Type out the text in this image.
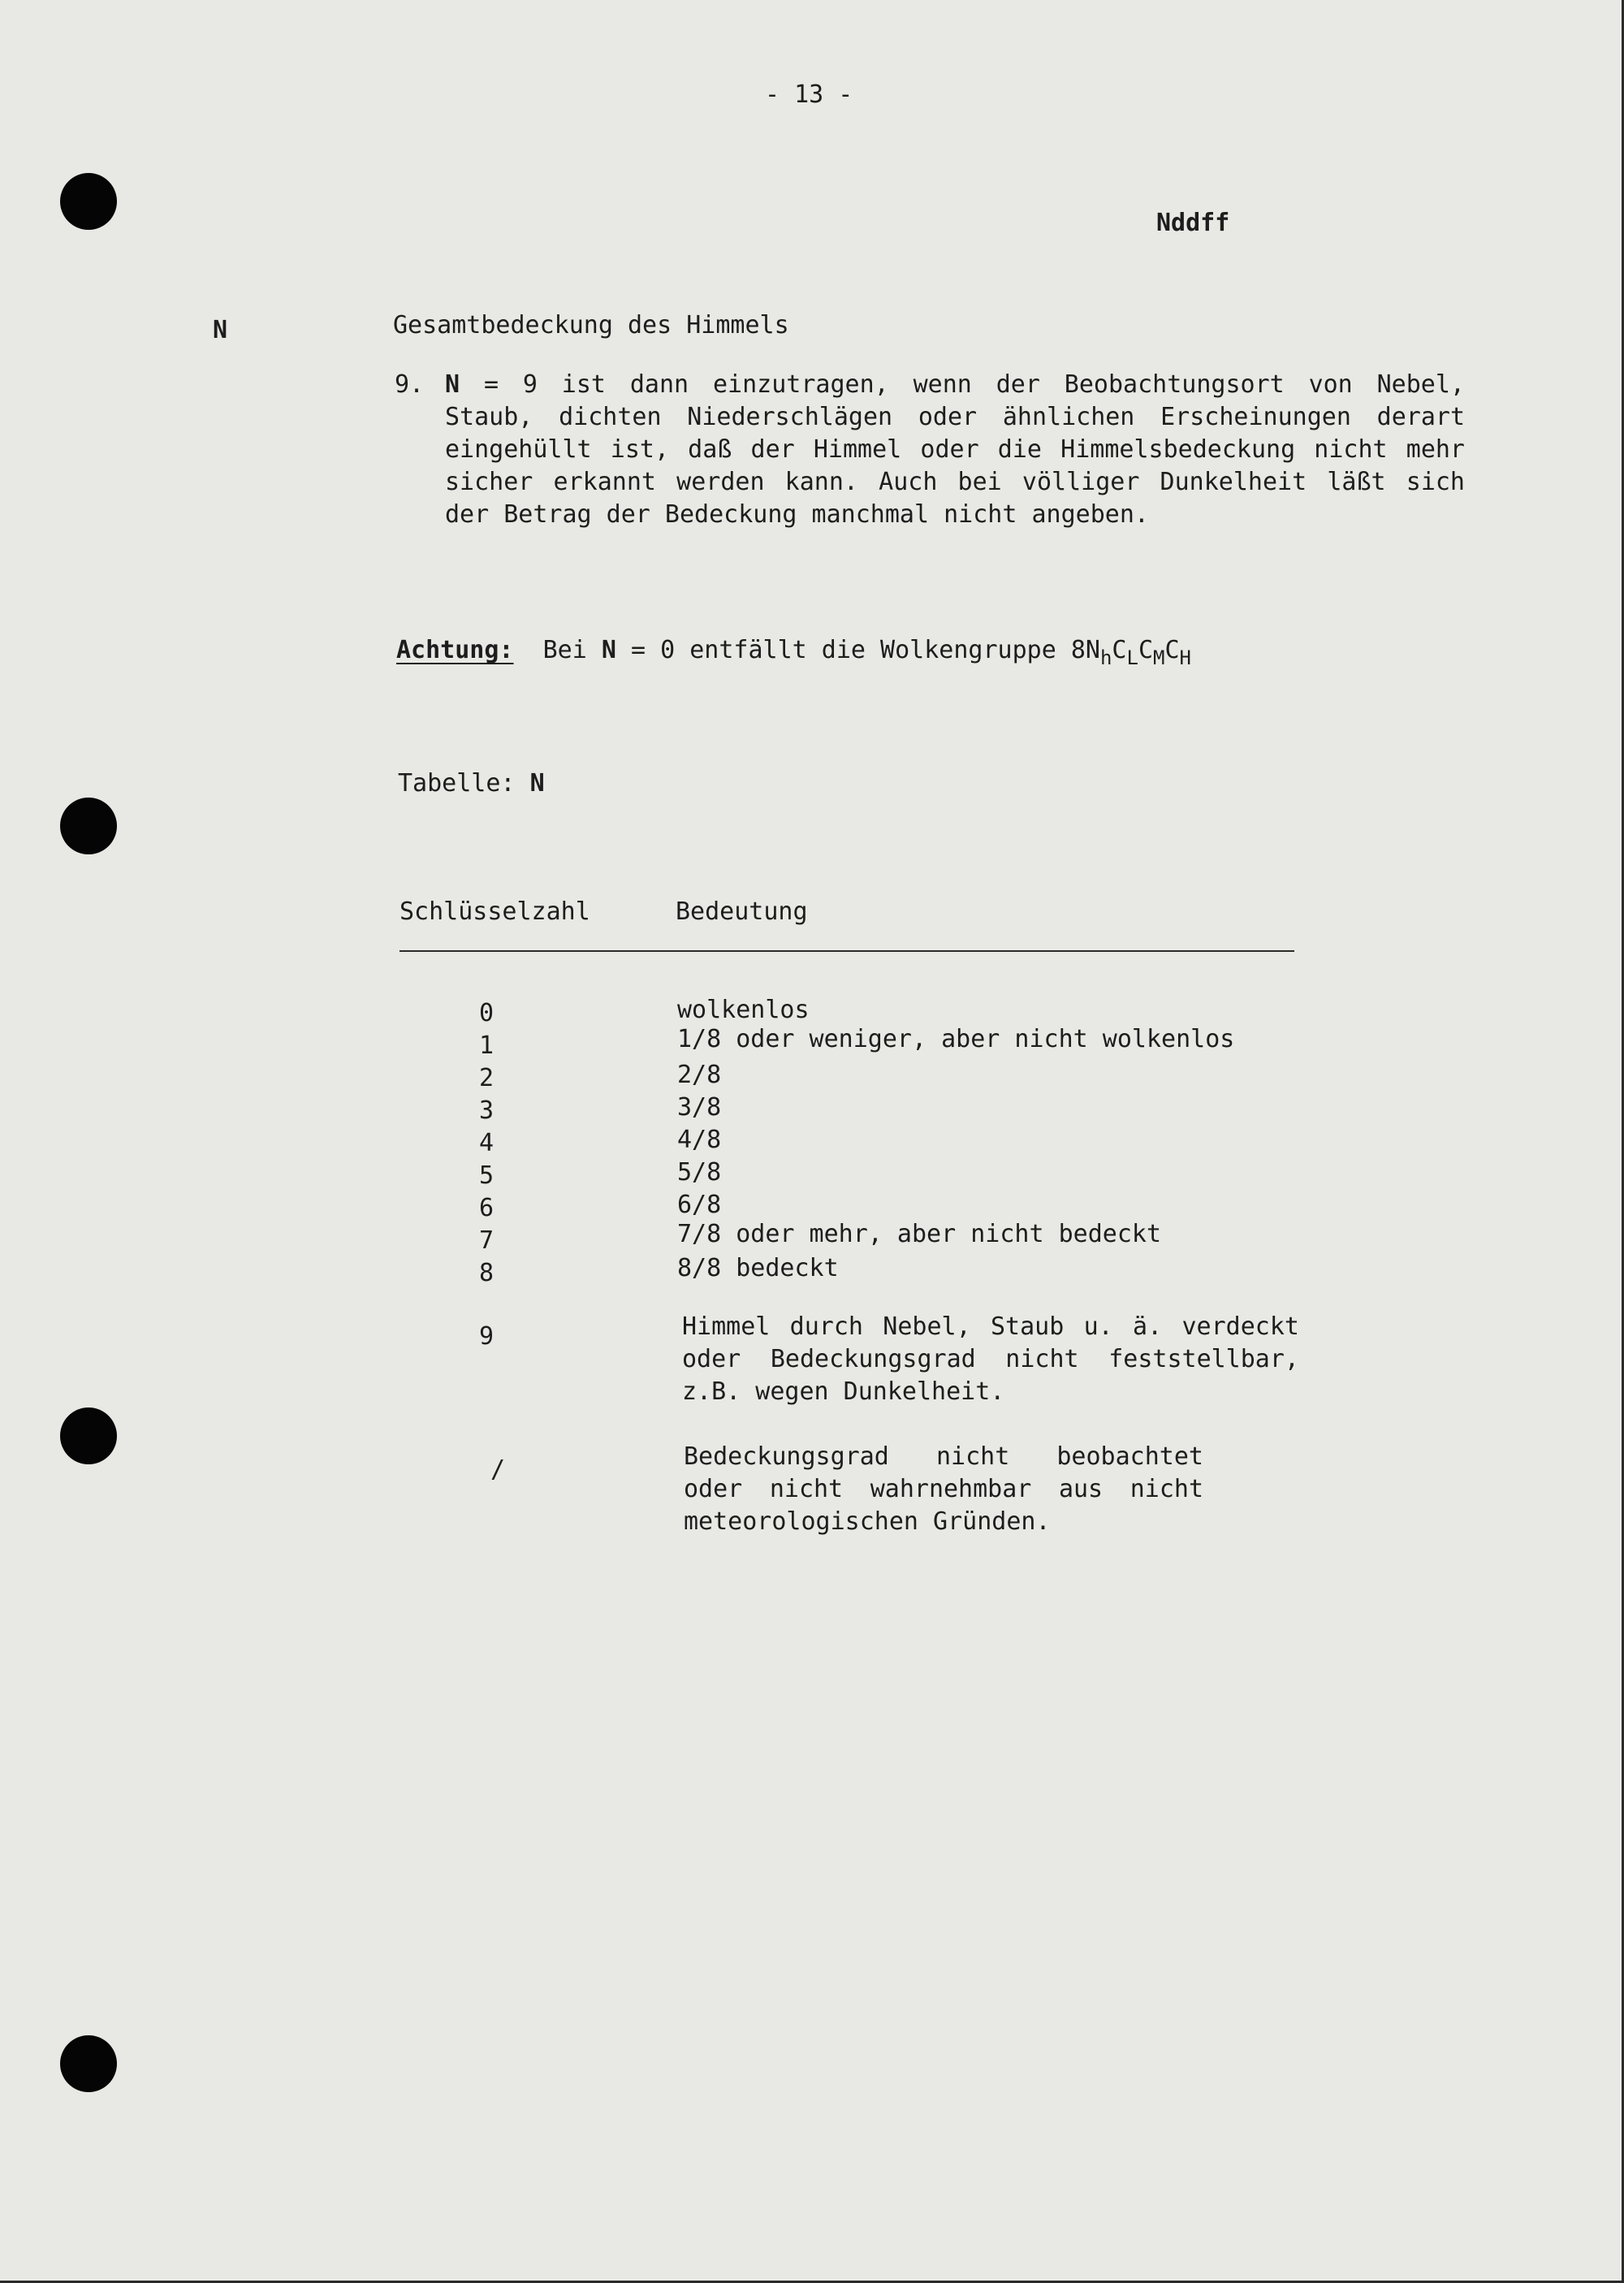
- 13 -
Nddff
N	Gesamtbedeckung des Himmels
9. N = 9 ist dann einzutragen, wenn der Beobachtungsort von Nebel, Staub, dichten Niederschlägen oder ähnlichen Erscheinungen derart eingehüllt ist, daß der Himmel oder die Himmelsbedeckung nicht mehr sicher erkannt werden kann. Auch bei völliger Dunkelheit läßt sich der Betrag der Bedeckung manchmal nicht angeben.
Achtung: Bei N = 0 entfällt die Wolkengruppe $8N_hC_LC_MC_H$
Tabelle: N
Schlüsselzahl	Bedeutung
0	wolkenlos
1	1/8 oder weniger, aber nicht wolkenlos
2	2/8
3	3/8
4	4/8
5	5/8
6	6/8
7	7/8 oder mehr, aber nicht bedeckt
8	8/8 bedeckt
9	Himmel durch Nebel, Staub u. ä. verdeckt oder Bedeckungsgrad nicht feststellbar, z.B. wegen Dunkelheit.
/	Bedeckungsgrad nicht beobachtet oder nicht wahrnehmbar aus nicht meteorologischen Gründen.
